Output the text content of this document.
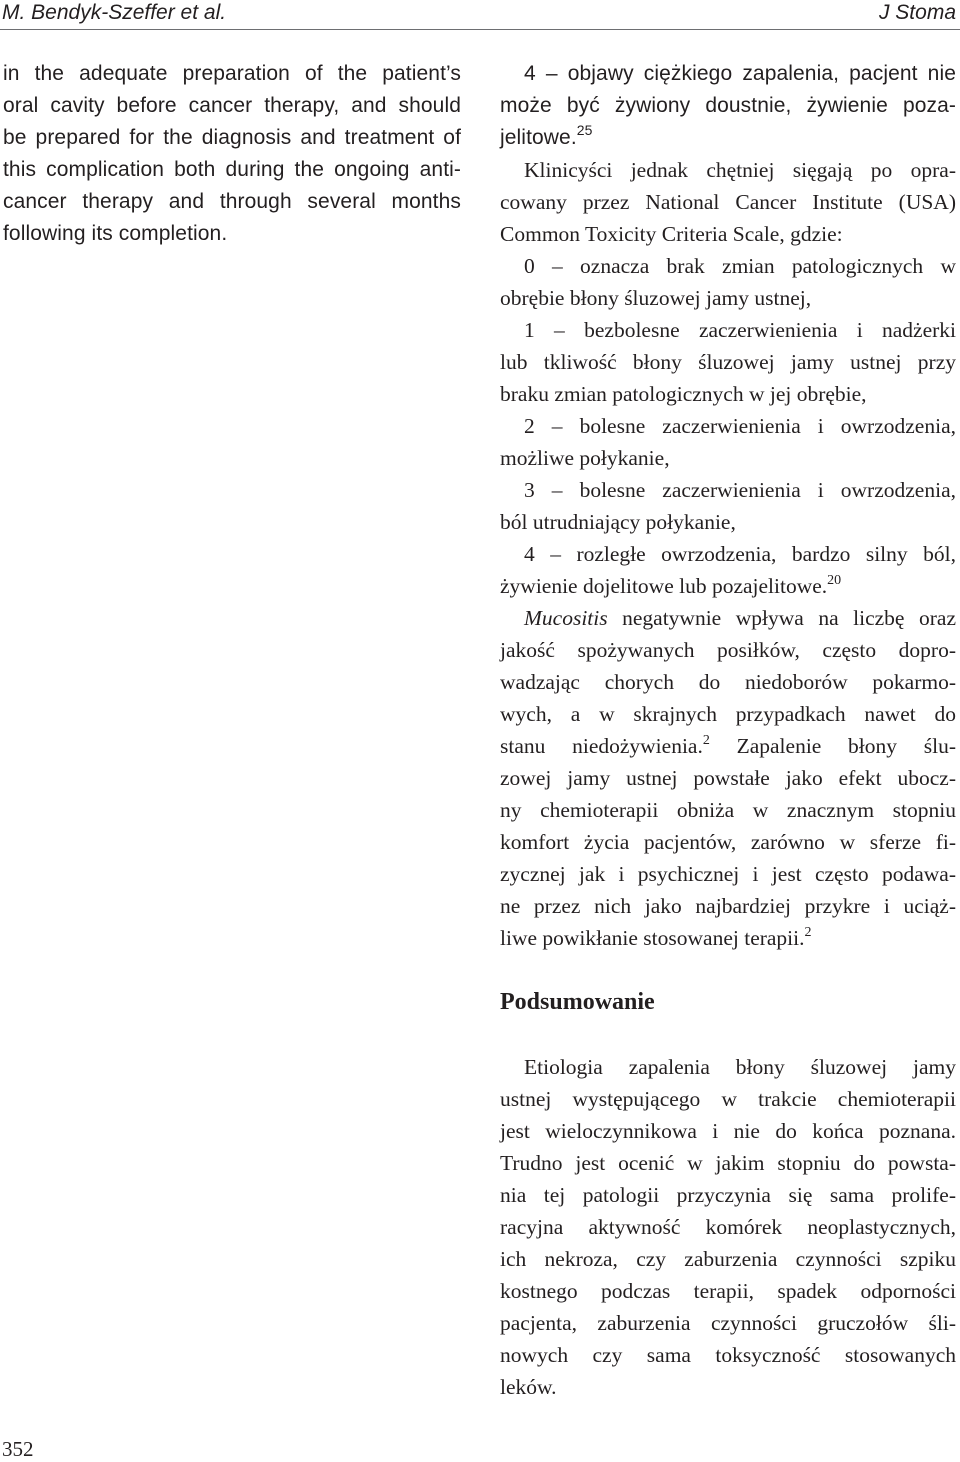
M. Bendyk-Szeffer et al.	J Stoma
in the adequate preparation of the patient’s
oral cavity before cancer therapy, and should
be prepared for the diagnosis and treatment of
this complication both during the ongoing anti-
cancer therapy and through several months
following its completion.
4 – objawy ciężkiego zapalenia, pacjent nie
może być żywiony doustnie, żywienie poza-
jelitowe.$^{25}$
Klinicyści jednak chętniej sięgają po opra-
cowany przez National Cancer Institute (USA)
Common Toxicity Criteria Scale, gdzie:
0 – oznacza brak zmian patologicznych w
obrębie błony śluzowej jamy ustnej,
1 – bezbolesne zaczerwienienia i nadżerki
lub tkliwość błony śluzowej jamy ustnej przy
braku zmian patologicznych w jej obrębie,
2 – bolesne zaczerwienienia i owrzodzenia,
możliwe połykanie,
3 – bolesne zaczerwienienia i owrzodzenia,
ból utrudniający połykanie,
4 – rozległe owrzodzenia, bardzo silny ból,
żywienie dojelitowe lub pozajelitowe.$^{20}$
Mucositis negatywnie wpływa na liczbę oraz
jakość spożywanych posiłków, często dopro-
wadzając chorych do niedoborów pokarmo-
wych, a w skrajnych przypadkach nawet do
stanu niedożywienia.$^2$ Zapalenie błony ślu-
zowej jamy ustnej powstałe jako efekt ubocz-
ny chemioterapii obniża w znacznym stopniu
komfort życia pacjentów, zarówno w sferze fi-
zycznej jak i psychicznej i jest często podawa-
ne przez nich jako najbardziej przykre i uciąż-
liwe powikłanie stosowanej terapii.$^2$
Podsumowanie
Etiologia zapalenia błony śluzowej jamy
ustnej występującego w trakcie chemioterapii
jest wieloczynnikowa i nie do końca poznana.
Trudno jest ocenić w jakim stopniu do powsta-
nia tej patologii przyczynia się sama prolife-
racyjna aktywność komórek neoplastycznych,
ich nekroza, czy zaburzenia czynności szpiku
kostnego podczas terapii, spadek odporności
pacjenta, zaburzenia czynności gruczołów śli-
nowych czy sama toksyczność stosowanych
leków.
352
